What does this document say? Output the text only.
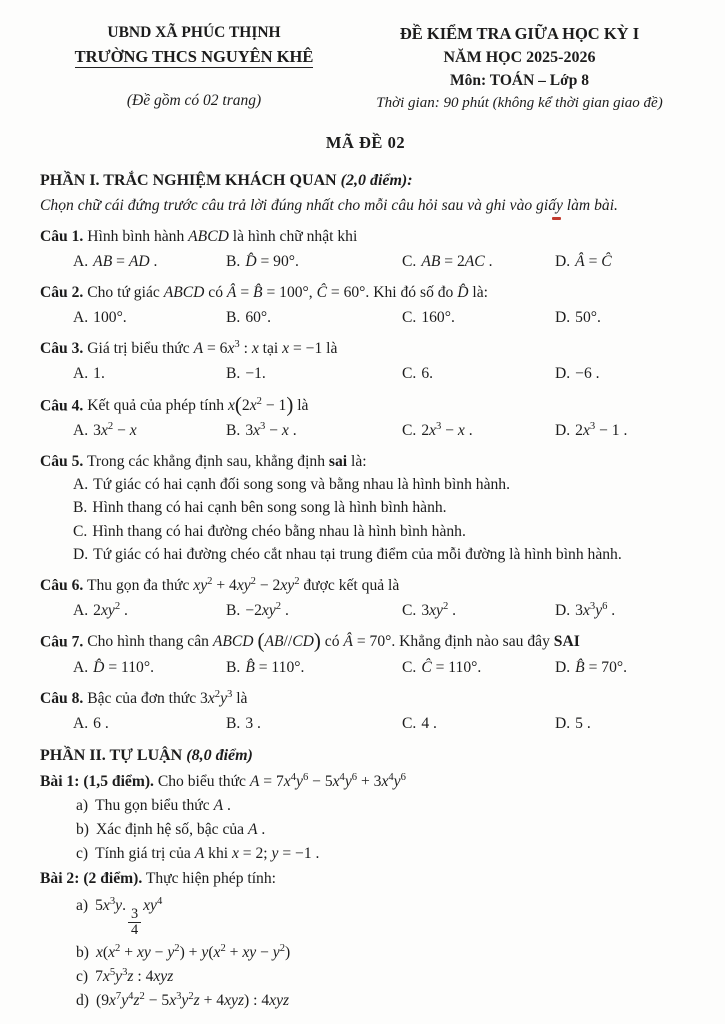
UBND XÃ PHÚC THỊNH
TRƯỜNG THCS NGUYÊN KHÊ
(Đề gồm có 02 trang)
ĐỀ KIỂM TRA GIỮA HỌC KỲ I
NĂM HỌC 2025-2026
Môn: TOÁN – Lớp 8
Thời gian: 90 phút (không kể thời gian giao đề)
MÃ ĐỀ 02
PHẦN I. TRẮC NGHIỆM KHÁCH QUAN (2,0 điểm):
Chọn chữ cái đứng trước câu trả lời đúng nhất cho mỗi câu hỏi sau và ghi vào giấy làm bài.
Câu 1. Hình bình hành ABCD là hình chữ nhật khi
A. AB = AD .	B. D̂ = 90°.	C. AB = 2AC .	D. Â = Ĉ
Câu 2. Cho tứ giác ABCD có Â = B̂ = 100°, Ĉ = 60°. Khi đó số đo D̂ là:
A. 100°.	B. 60°.	C. 160°.	D. 50°.
Câu 3. Giá trị biểu thức $A = 6x^3$ : x tại x = −1 là
A. 1.	B. −1.	C. 6.	D. −6 .
Câu 4. Kết quả của phép tính $x(2x^2 - 1)$ là
A. $3x^2 - x$	B. $3x^3 - x$ .	C. $2x^3 - x$ .	D. $2x^3 - 1$ .
Câu 5. Trong các khẳng định sau, khẳng định sai là:
A. Tứ giác có hai cạnh đối song song và bằng nhau là hình bình hành.
B. Hình thang có hai cạnh bên song song là hình bình hành.
C. Hình thang có hai đường chéo bằng nhau là hình bình hành.
D. Tứ giác có hai đường chéo cắt nhau tại trung điểm của mỗi đường là hình bình hành.
Câu 6. Thu gọn đa thức $xy^2 + 4xy^2 - 2xy^2$ được kết quả là
A. $2xy^2$ .	B. $-2xy^2$ .	C. $3xy^2$ .	D. $3x^3y^6$ .
Câu 7. Cho hình thang cân ABCD (AB//CD) có Â = 70°. Khẳng định nào sau đây SAI
A. D̂ = 110°.	B. B̂ = 110°.	C. Ĉ = 110°.	D. B̂ = 70°.
Câu 8. Bậc của đơn thức $3x^2y^3$ là
A. 6 .	B. 3 .	C. 4 .	D. 5 .
PHẦN II. TỰ LUẬN (8,0 điểm)
Bài 1: (1,5 điểm). Cho biểu thức $A = 7x^4y^6 - 5x^4y^6 + 3x^4y^6$
a) Thu gọn biểu thức A .
b) Xác định hệ số, bậc của A .
c) Tính giá trị của A khi x = 2; y = −1 .
Bài 2: (2 điểm). Thực hiện phép tính:
a) $5x^3y$.
$\frac{3}{4}$
$xy^4$
b) $x(x^2$ + xy − $y^2) + y(x^2$ + xy − $y^2$)
c) $7x^5y^3z$ : 4xyz
d) $(9x^7y^4z^2 - 5x^3y^2z + 4xyz)$ : 4xyz
